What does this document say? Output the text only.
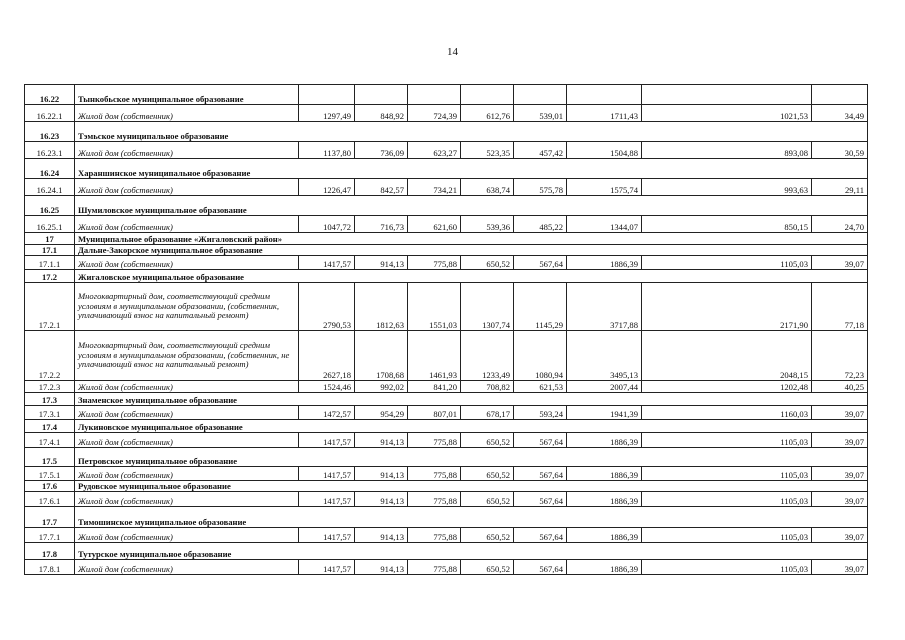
14
16.22	Тынкобьское муниципальное образование								
16.22.1	Жилой дом (собственник)	1297,49	848,92	724,39	612,76	539,01	1711,43	1021,53	34,49
16.23	Тэмьское муниципальное образование								
16.23.1	Жилой дом (собственник)	1137,80	736,09	623,27	523,35	457,42	1504,88	893,08	30,59
16.24	Хараншинское муниципальное образование								
16.24.1	Жилой дом (собственник)	1226,47	842,57	734,21	638,74	575,78	1575,74	993,63	29,11
16.25	Шумиловское муниципальное образование								
16.25.1	Жилой дом (собственник)	1047,72	716,73	621,60	539,36	485,22	1344,07	850,15	24,70
17	Муниципальное образование «Жигаловский район»								
17.1	Дальне-Закорское муниципальное образование								
17.1.1	Жилой дом (собственник)	1417,57	914,13	775,88	650,52	567,64	1886,39	1105,03	39,07
17.2	Жигаловское муниципальное образование								
17.2.1	Многоквартирный дом, соответствующий средним условиям в муниципальном образовании, (собственник, уплачивающий взнос на капитальный ремонт)	2790,53	1812,63	1551,03	1307,74	1145,29	3717,88	2171,90	77,18
17.2.2	Многоквартирный дом, соответствующий средним условиям в муниципальном образовании, (собственник, не уплачивающий взнос на капитальный ремонт)	2627,18	1708,68	1461,93	1233,49	1080,94	3495,13	2048,15	72,23
17.2.3	Жилой дом (собственник)	1524,46	992,02	841,20	708,82	621,53	2007,44	1202,48	40,25
17.3	Знаменское муниципальное образование								
17.3.1	Жилой дом (собственник)	1472,57	954,29	807,01	678,17	593,24	1941,39	1160,03	39,07
17.4	Лукиновское муниципальное образование								
17.4.1	Жилой дом (собственник)	1417,57	914,13	775,88	650,52	567,64	1886,39	1105,03	39,07
17.5	Петровское муниципальное образование								
17.5.1	Жилой дом (собственник)	1417,57	914,13	775,88	650,52	567,64	1886,39	1105,03	39,07
17.6	Рудовское муниципальное образование								
17.6.1	Жилой дом (собственник)	1417,57	914,13	775,88	650,52	567,64	1886,39	1105,03	39,07
17.7	Тимошинское муниципальное образование								
17.7.1	Жилой дом (собственник)	1417,57	914,13	775,88	650,52	567,64	1886,39	1105,03	39,07
17.8	Тутурское муниципальное образование								
17.8.1	Жилой дом (собственник)	1417,57	914,13	775,88	650,52	567,64	1886,39	1105,03	39,07
